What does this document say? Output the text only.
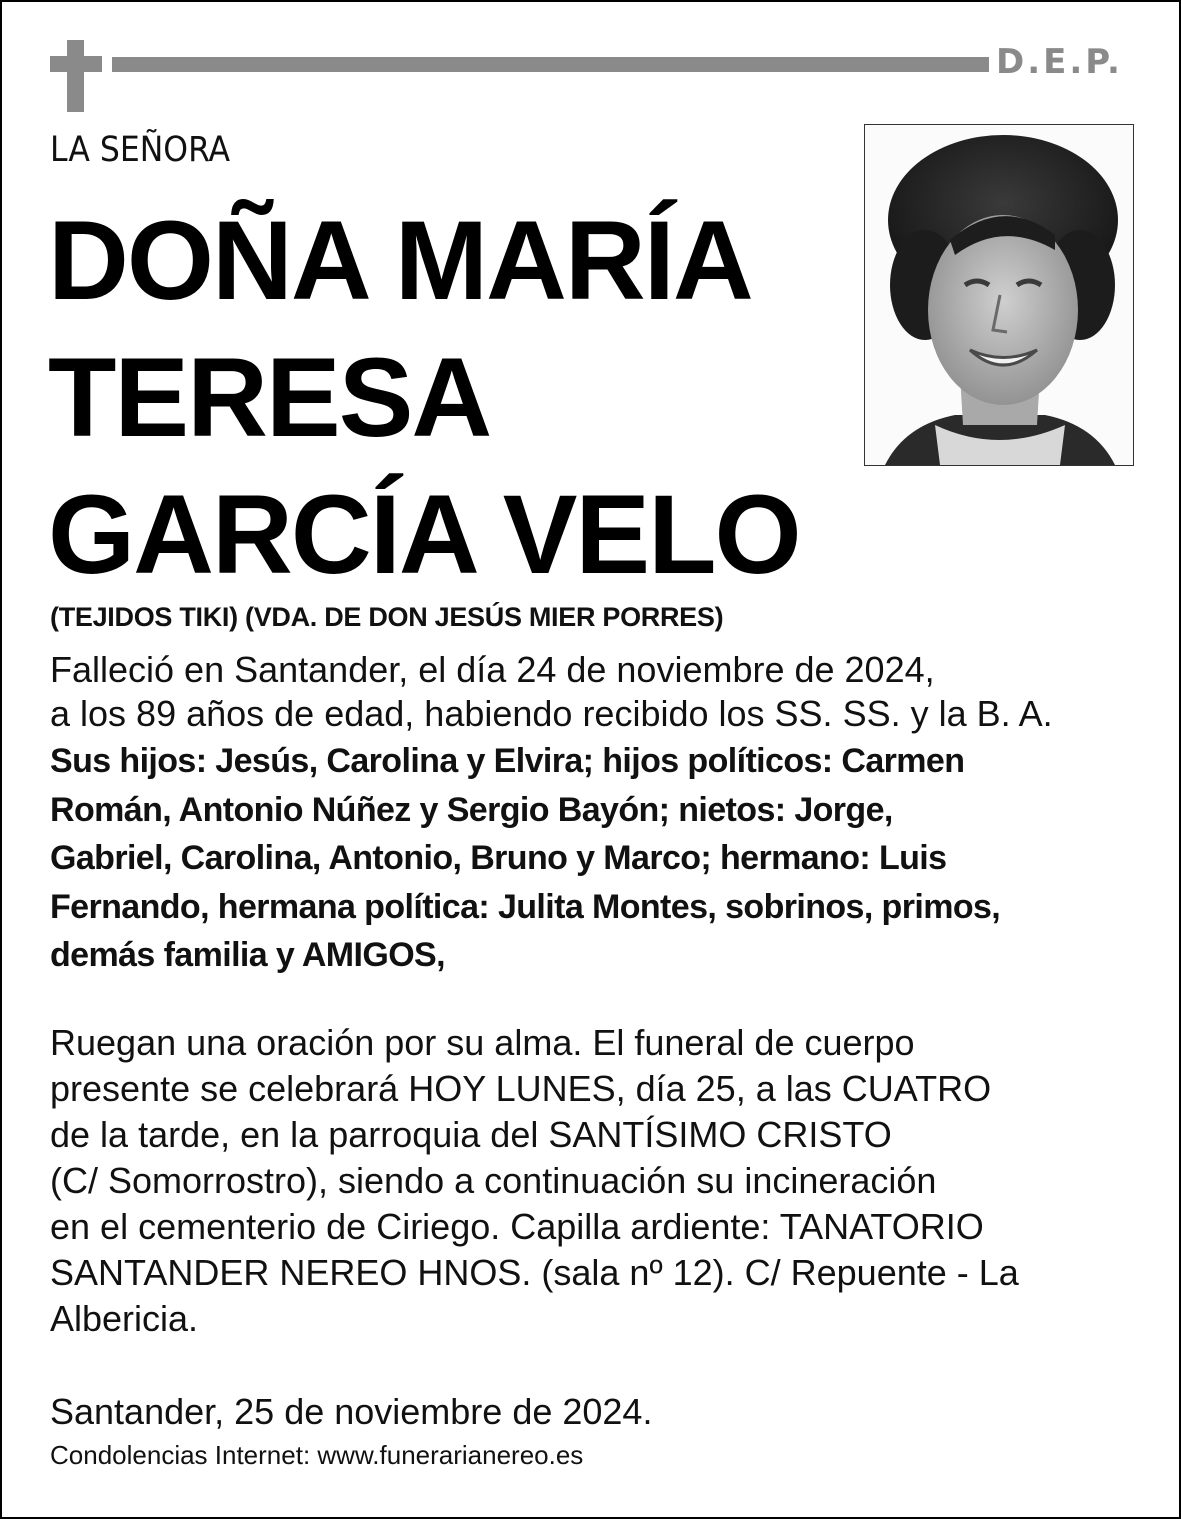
D.E.P.
LA SEÑORA
DOÑA MARÍA
TERESA
GARCÍA VELO
(TEJIDOS TIKI) (VDA. DE DON JESÚS MIER PORRES)
Falleció en Santander, el día 24 de noviembre de 2024,
a los 89 años de edad, habiendo recibido los SS. SS. y la B. A.
Sus hijos: Jesús, Carolina y Elvira; hijos políticos: Carmen
Román, Antonio Núñez y Sergio Bayón; nietos: Jorge,
Gabriel, Carolina, Antonio, Bruno y Marco; hermano: Luis
Fernando, hermana política: Julita Montes, sobrinos, primos,
demás familia y AMIGOS,
Ruegan una oración por su alma. El funeral de cuerpo
presente se celebrará HOY LUNES, día 25, a las CUATRO
de la tarde, en la parroquia del SANTÍSIMO CRISTO
(C/ Somorrostro), siendo a continuación su incineración
en el cementerio de Ciriego. Capilla ardiente: TANATORIO
SANTANDER NEREO HNOS. (sala nº 12). C/ Repuente - La
Albericia.
Santander, 25 de noviembre de 2024.
Condolencias Internet: www.funerarianereo.es
